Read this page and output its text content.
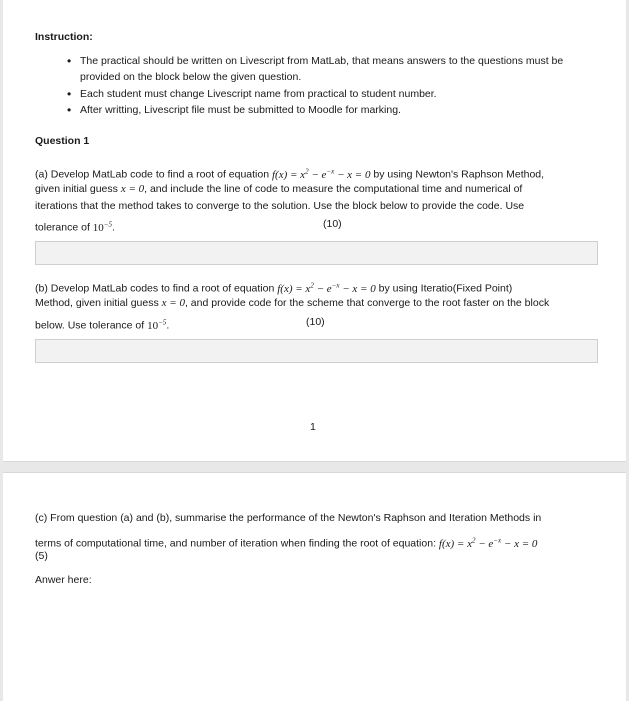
Instruction:
• The practical should be written on Livescript from MatLab, that means answers to the questions must be
provided on the block below the given question.
• Each student must change Livescript name from practical to student number.
• After writting, Livescript file must be submitted to Moodle for marking.
Question 1
(a) Develop MatLab code to find a root of equation $f(x) = x^2 - e^{-x} - x = 0$ by using Newton's Raphson Method,
given initial guess x = 0, and include the line of code to measure the computational time and numerical of
iterations that the method takes to converge to the solution. Use the block below to provide the code. Use
tolerance of $10^{-5}$.	(10)
(b) Develop MatLab codes to find a root of equation $f(x) = x^2 - e^{-x} - x = 0$ by using Iteratio(Fixed Point)
Method, given initial guess x = 0, and provide code for the scheme that converge to the root faster on the block
below. Use tolerance of $10^{-5}$.	(10)
1
(c) From question (a) and (b), summarise the performance of the Newton's Raphson and Iteration Methods in
terms of computational time, and number of iteration when finding the root of equation: $f(x) = x^2 - e^{-x} - x = 0$
(5)
Anwer here:
